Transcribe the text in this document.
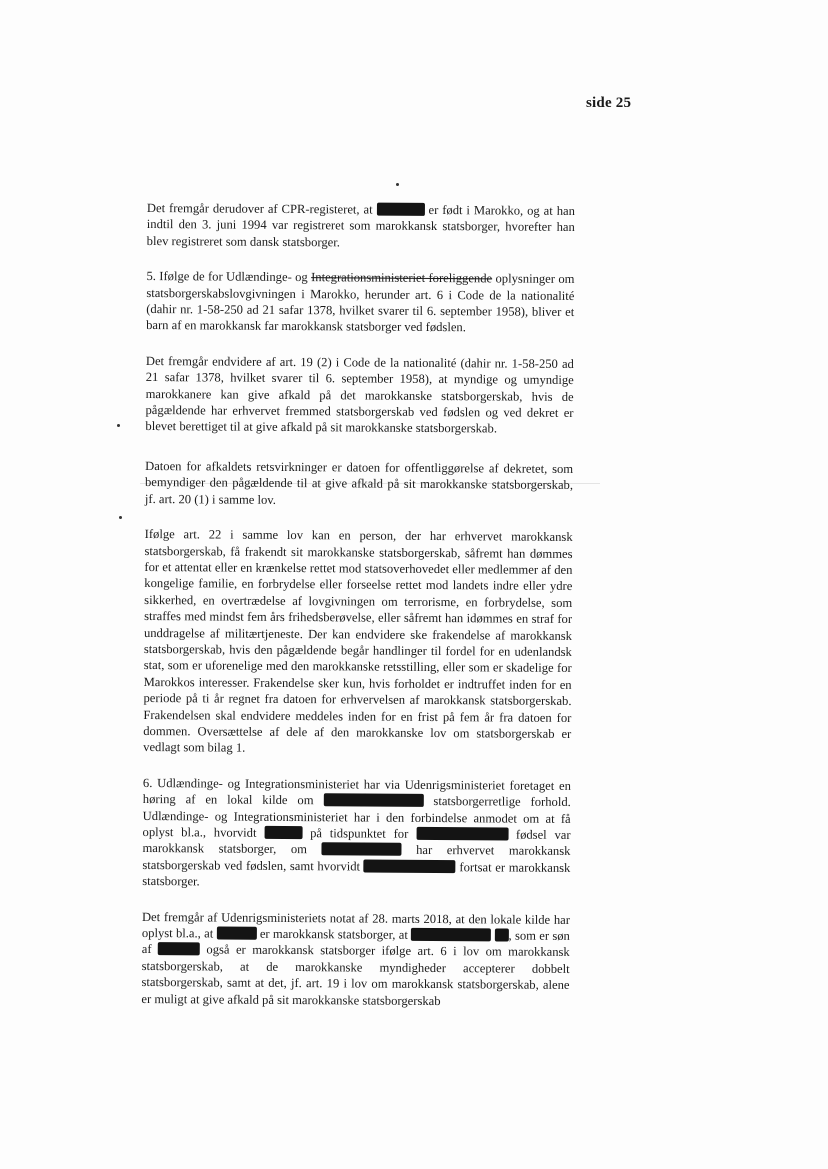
side 25

Det fremgår derudover af CPR-registeret, at	er født i Marokko, og at han indtil den 3. juni 1994 var registreret som marokkansk statsborger, hvorefter han blev registreret som dansk statsborger.

5. Ifølge de for Udlændinge- og Integrationsministeriet foreliggende oplysninger om statsborgerskabslovgivningen i Marokko, herunder art. 6 i Code de la nationalité (dahir nr. 1-58-250 ad 21 safar 1378, hvilket svarer til 6. september 1958), bliver et barn af en marokkansk far marokkansk statsborger ved fødslen.

Det fremgår endvidere af art. 19 (2) i Code de la nationalité (dahir nr. 1-58-250 ad 21 safar 1378, hvilket svarer til 6. september 1958), at myndige og umyndige marokkanere kan give afkald på det marokkanske statsborgerskab, hvis de pågældende har erhvervet fremmed statsborgerskab ved fødslen og ved dekret er blevet berettiget til at give afkald på sit marokkanske statsborgerskab.

Datoen for afkaldets retsvirkninger er datoen for offentliggørelse af dekretet, som bemyndiger den pågældende til at give afkald på sit marokkanske statsborgerskab, jf. art. 20 (1) i samme lov.

Ifølge art. 22 i samme lov kan en person, der har erhvervet marokkansk statsborgerskab, få frakendt sit marokkanske statsborgerskab, såfremt han dømmes for et attentat eller en krænkelse rettet mod statsoverhovedet eller medlemmer af den kongelige familie, en forbrydelse eller forseelse rettet mod landets indre eller ydre sikkerhed, en overtrædelse af lovgivningen om terrorisme, en forbrydelse, som straffes med mindst fem års frihedsberøvelse, eller såfremt han idømmes en straf for unddragelse af militærtjeneste. Der kan endvidere ske frakendelse af marokkansk statsborgerskab, hvis den pågældende begår handlinger til fordel for en udenlandsk stat, som er uforenelige med den marokkanske retsstilling, eller som er skadelige for Marokkos interesser. Frakendelse sker kun, hvis forholdet er indtruffet inden for en periode på ti år regnet fra datoen for erhvervelsen af marokkansk statsborgerskab. Frakendelsen skal endvidere meddeles inden for en frist på fem år fra datoen for dommen. Oversættelse af dele af den marokkanske lov om statsborgerskab er vedlagt som bilag 1.

6. Udlændinge- og Integrationsministeriet har via Udenrigsministeriet foretaget en høring af en lokal kilde om	statsborgerretlige forhold. Udlændinge- og Integrationsministeriet har i den forbindelse anmodet om at få oplyst bl.a., hvorvidt	på tidspunktet for	fødsel var marokkansk statsborger, om	har erhvervet marokkansk statsborgerskab ved fødslen, samt hvorvidt	fortsat er marokkansk statsborger.

Det fremgår af Udenrigsministeriets notat af 28. marts 2018, at den lokale kilde har oplyst bl.a., at	er marokkansk statsborger, at	, som er søn af	også er marokkansk statsborger ifølge art. 6 i lov om marokkansk statsborgerskab, at de marokkanske myndigheder accepterer dobbelt statsborgerskab, samt at det, jf. art. 19 i lov om marokkansk statsborgerskab, alene er muligt at give afkald på sit marokkanske statsborgerskab
